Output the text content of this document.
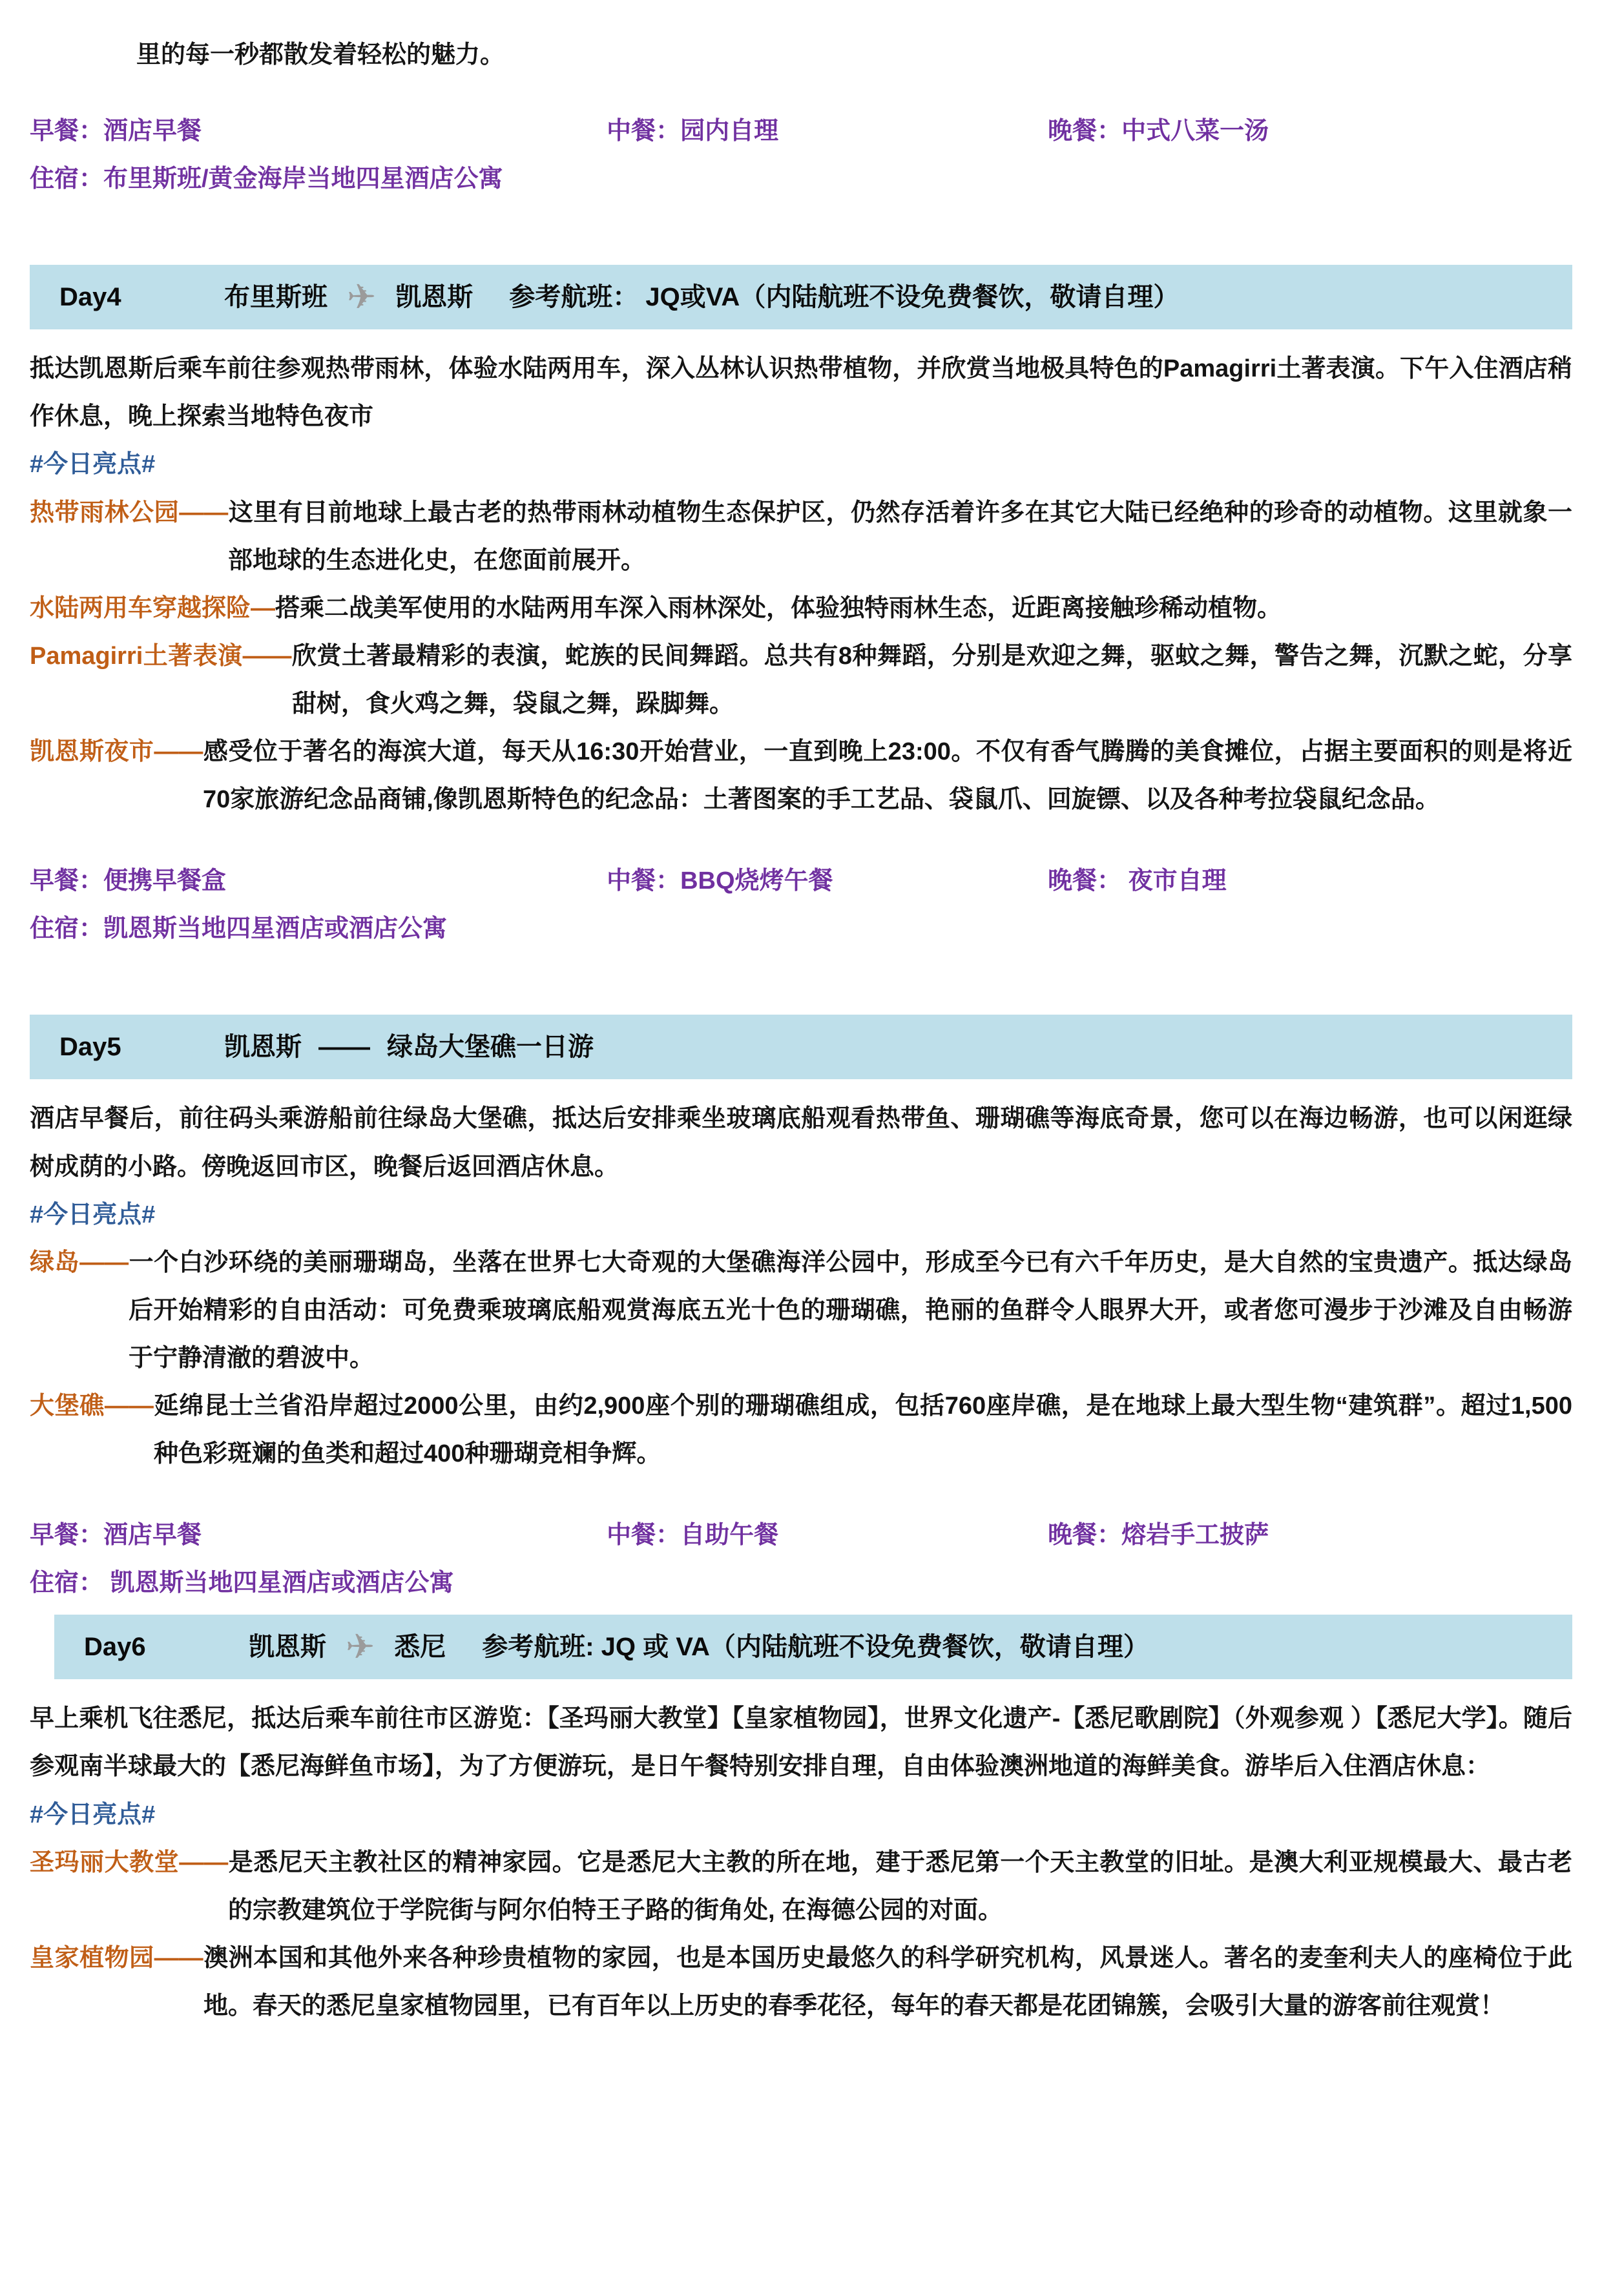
里的每一秒都散发着轻松的魅力。

早餐：酒店早餐	中餐：园内自理	晚餐：中式八菜一汤

住宿：布里斯班/黄金海岸当地四星酒店公寓

Day4	布里斯班 ✈ 凯恩斯 参考航班： JQ或VA（内陆航班不设免费餐饮，敬请自理）

抵达凯恩斯后乘车前往参观热带雨林，体验水陆两用车，深入丛林认识热带植物，并欣赏当地极具特色的Pamagirri土著表演。下午入住酒店稍作休息，晚上探索当地特色夜市

#今日亮点#

热带雨林公园——这里有目前地球上最古老的热带雨林动植物生态保护区，仍然存活着许多在其它大陆已经绝种的珍奇的动植物。这里就象一部地球的生态进化史，在您面前展开。

水陆两用车穿越探险—搭乘二战美军使用的水陆两用车深入雨林深处，体验独特雨林生态，近距离接触珍稀动植物。

Pamagirri土著表演——欣赏土著最精彩的表演，蛇族的民间舞蹈。总共有8种舞蹈，分别是欢迎之舞，驱蚊之舞，警告之舞，沉默之蛇，分享甜树，食火鸡之舞，袋鼠之舞，跺脚舞。

凯恩斯夜市——感受位于著名的海滨大道，每天从16:30开始营业，一直到晚上23:00。不仅有香气腾腾的美食摊位，占据主要面积的则是将近70家旅游纪念品商铺,像凯恩斯特色的纪念品：土著图案的手工艺品、袋鼠爪、回旋镖、以及各种考拉袋鼠纪念品。

早餐：便携早餐盒	中餐：BBQ烧烤午餐	晚餐： 夜市自理

住宿：凯恩斯当地四星酒店或酒店公寓

Day5	凯恩斯 —— 绿岛大堡礁一日游

酒店早餐后，前往码头乘游船前往绿岛大堡礁，抵达后安排乘坐玻璃底船观看热带鱼、珊瑚礁等海底奇景，您可以在海边畅游，也可以闲逛绿树成荫的小路。傍晚返回市区，晚餐后返回酒店休息。

#今日亮点#

绿岛——一个白沙环绕的美丽珊瑚岛，坐落在世界七大奇观的大堡礁海洋公园中，形成至今已有六千年历史，是大自然的宝贵遗产。抵达绿岛后开始精彩的自由活动：可免费乘玻璃底船观赏海底五光十色的珊瑚礁，艳丽的鱼群令人眼界大开，或者您可漫步于沙滩及自由畅游于宁静清澈的碧波中。

大堡礁——延绵昆士兰省沿岸超过2000公里，由约2,900座个别的珊瑚礁组成，包括760座岸礁，是在地球上最大型生物“建筑群”。超过1,500种色彩斑斓的鱼类和超过400种珊瑚竞相争辉。

早餐：酒店早餐	中餐：自助午餐	晚餐：熔岩手工披萨

住宿： 凯恩斯当地四星酒店或酒店公寓

Day6	凯恩斯 ✈ 悉尼 参考航班: JQ 或 VA（内陆航班不设免费餐饮，敬请自理）

早上乘机飞往悉尼，抵达后乘车前往市区游览：【圣玛丽大教堂】【皇家植物园】，世界文化遗产-【悉尼歌剧院】（外观参观 ）【悉尼大学】。随后参观南半球最大的【悉尼海鲜鱼市场】，为了方便游玩，是日午餐特别安排自理，自由体验澳洲地道的海鲜美食。游毕后入住酒店休息：

#今日亮点#

圣玛丽大教堂——是悉尼天主教社区的精神家园。它是悉尼大主教的所在地，建于悉尼第一个天主教堂的旧址。是澳大利亚规模最大、最古老的宗教建筑位于学院街与阿尔伯特王子路的街角处, 在海德公园的对面。

皇家植物园——澳洲本国和其他外来各种珍贵植物的家园，也是本国历史最悠久的科学研究机构，风景迷人。著名的麦奎利夫人的座椅位于此地。春天的悉尼皇家植物园里，已有百年以上历史的春季花径，每年的春天都是花团锦簇，会吸引大量的游客前往观赏！
